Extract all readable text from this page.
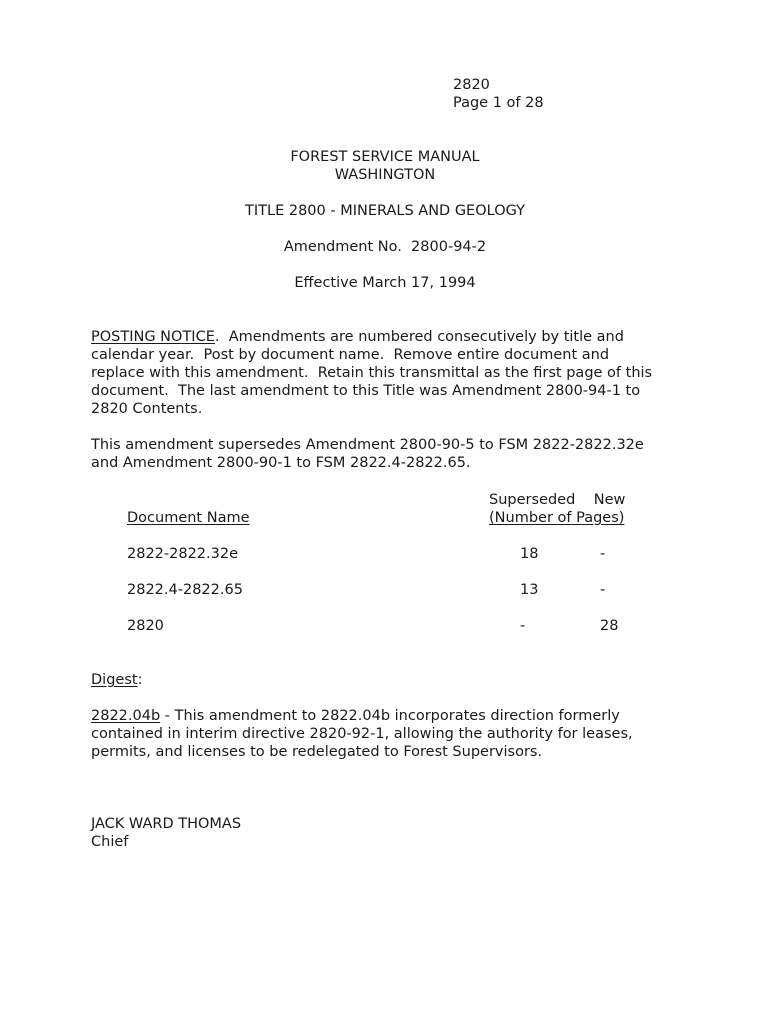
2820
Page 1 of 28
FOREST SERVICE MANUAL
WASHINGTON
TITLE 2800 - MINERALS AND GEOLOGY
Amendment No.  2800-94-2
Effective March 17, 1994
POSTING NOTICE.  Amendments are numbered consecutively by title and
calendar year.  Post by document name.  Remove entire document and
replace with this amendment.  Retain this transmittal as the first page of this
document.  The last amendment to this Title was Amendment 2800-94-1 to
2820 Contents.
This amendment supersedes Amendment 2800-90-5 to FSM 2822-2822.32e
and Amendment 2800-90-1 to FSM 2822.4-2822.65.
Superseded    New
Document Name	(Number of Pages)
2822-2822.32e	18	-
2822.4-2822.65	13	-
2820	-	28
Digest:
2822.04b - This amendment to 2822.04b incorporates direction formerly
contained in interim directive 2820-92-1, allowing the authority for leases,
permits, and licenses to be redelegated to Forest Supervisors.
JACK WARD THOMAS
Chief
